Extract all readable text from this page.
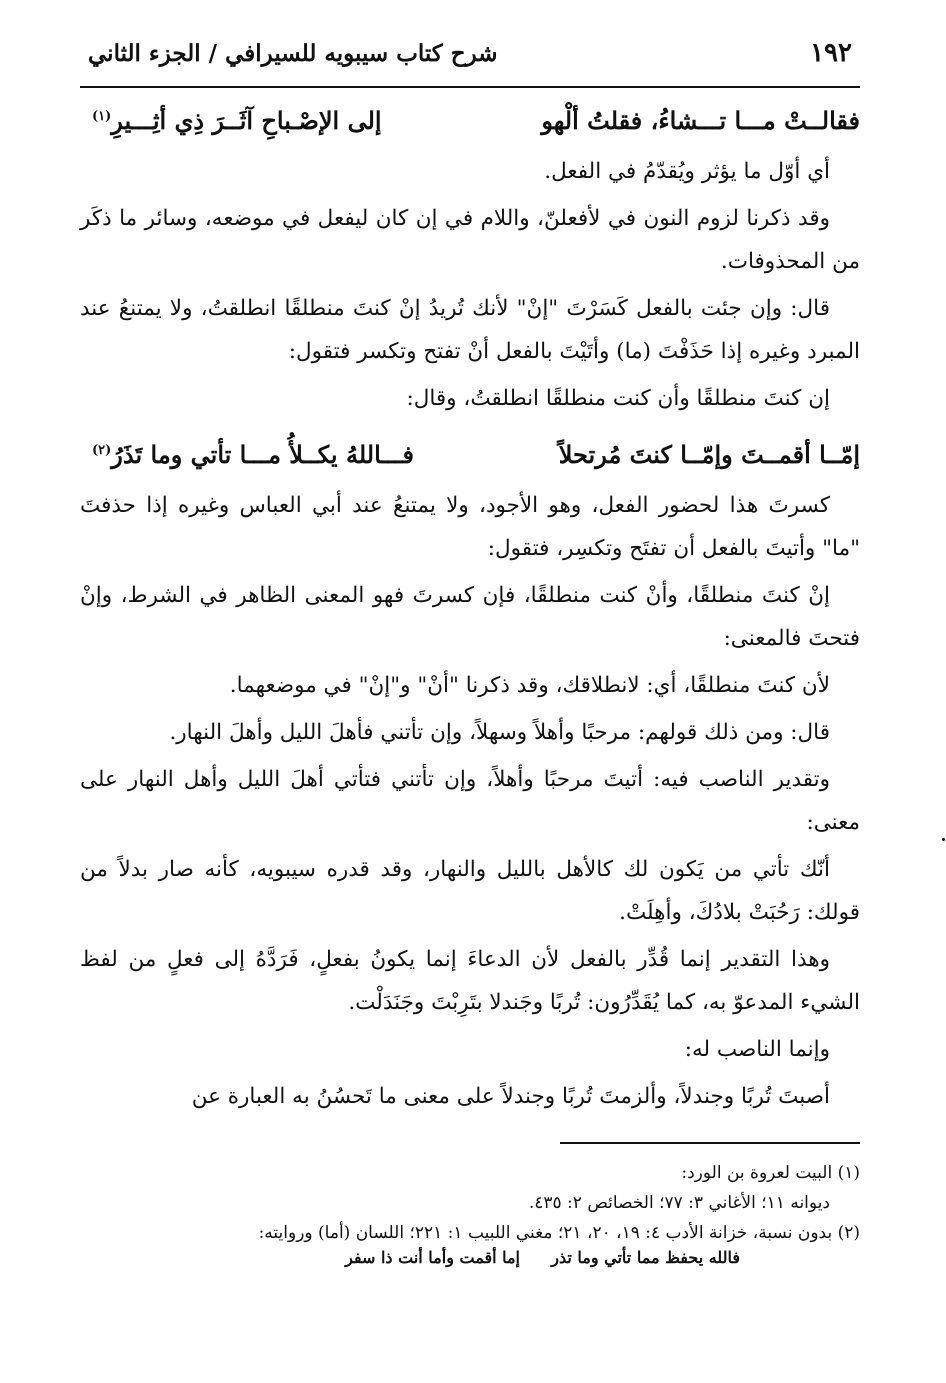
١٩٢
شرح كتاب سيبويه للسيرافي / الجزء الثاني
فقالــتْ مـــا تـــشاءُ، فقلتُ ألْهو
إلى الإصْـباحِ آثَــرَ ذِي أثِـــيرِ$^{(١)}$
أي أوّل ما يؤثر ويُقدّمُ في الفعل.
وقد ذكرنا لزوم النون في لأفعلنّ، واللام في إن كان ليفعل في موضعه، وسائر ما ذكَر من المحذوفات.
قال: وإن جئت بالفعل كَسَرْتَ "إنْ" لأنك تُريدُ إنْ كنتَ منطلقًا انطلقتُ، ولا يمتنعُ عند المبرد وغيره إذا حَذَفْتَ (ما) وأتَيْتَ بالفعل أنْ تفتح وتكسر فتقول:
إن كنتَ منطلقًا وأن كنت منطلقًا انطلقتُ، وقال:
إمّــا أقمــتَ وإمّــا كنتَ مُرتحلاً
فـــاللهُ يكــلأُ مـــا تأتي وما تَذَرُ$^{(٢)}$
كسرتَ هذا لحضور الفعل، وهو الأجود، ولا يمتنعُ عند أبي العباس وغيره إذا حذفتَ "ما" وأتيتَ بالفعل أن تفتَح وتكسِر، فتقول:
إنْ كنتَ منطلقًا، وأنْ كنت منطلقًا، فإن كسرتَ فهو المعنى الظاهر في الشرط، وإنْ فتحتَ فالمعنى:
لأن كنتَ منطلقًا، أي: لانطلاقك، وقد ذكرنا "أنْ" و"إنْ" في موضعهما.
قال: ومن ذلك قولهم: مرحبًا وأهلاً وسهلاً، وإن تأتني فأهلَ الليل وأهلَ النهار.
وتقدير الناصب فيه: أتيتَ مرحبًا وأهلاً، وإن تأتني فتأتي أهلَ الليل وأهل النهار على معنى:
أنّك تأتي من يَكون لك كالأهل بالليل والنهار، وقد قدره سيبويه، كأنه صار بدلاً من قولك: رَحُبَتْ بلادُكَ، وأهِلَتْ.
وهذا التقدير إنما قُدِّر بالفعل لأن الدعاءَ إنما يكونُ بفعلٍ، فَرَدَّهُ إلى فعلٍ من لفظ الشيء المدعوّ به، كما يُقَدِّرُون: تُربًا وجَندلا بتَرِبْتَ وجَنَدَلْت.
وإنما الناصب له:
أصبتَ تُربًا وجندلاً، وألزمتَ تُربًا وجندلاً على معنى ما تَحسُنُ به العبارة عن
(١) البيت لعروة بن الورد:
ديوانه ١١؛ الأغاني ٣: ٧٧؛ الخصائص ٢: ٤٣٥.
(٢) بدون نسبة، خزانة الأدب ٤: ١٩، ٢٠، ٢١؛ مغني اللبيب ١: ٢٢١؛ اللسان (أما) وروايته:
إما أقمت وأما أنت ذا سفر فالله يحفظ مما تأتي وما تذر
